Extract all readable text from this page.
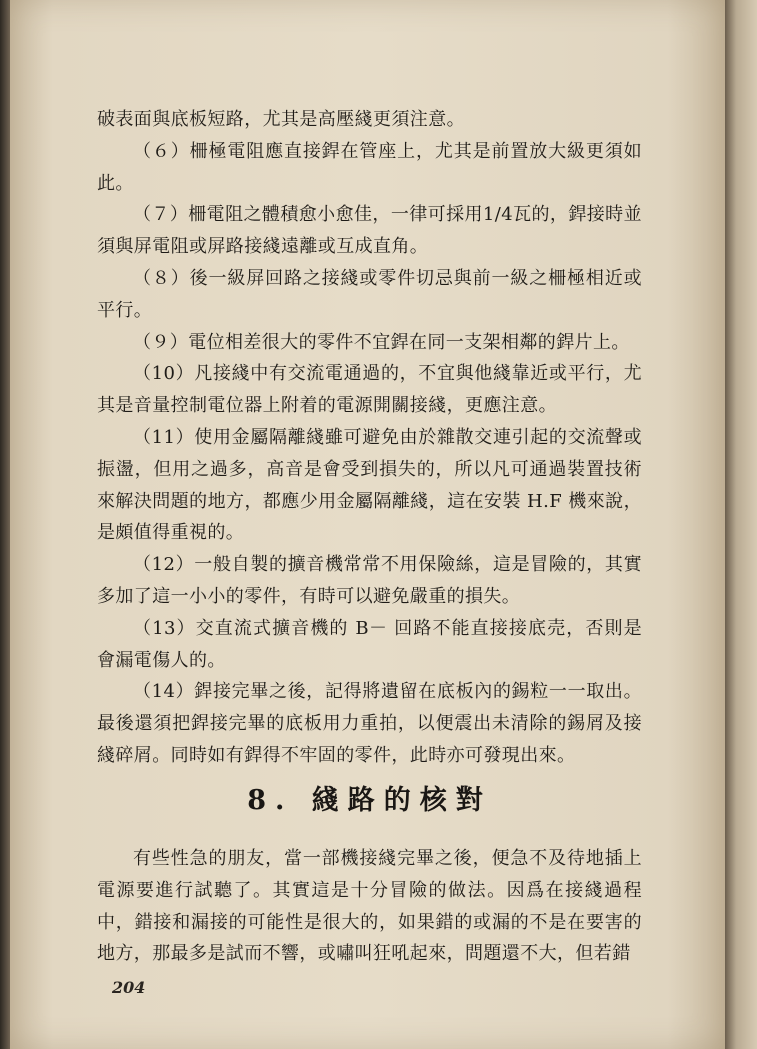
破表面與底板短路，尤其是高壓綫更須注意。

（６）柵極電阻應直接銲在管座上，尤其是前置放大級更須如此。

（７）柵電阻之體積愈小愈佳，一律可採用1/4瓦的，銲接時並須與屏電阻或屏路接綫遠離或互成直角。

（８）後一級屏回路之接綫或零件切忌與前一級之柵極相近或平行。

（９）電位相差很大的零件不宜銲在同一支架相鄰的銲片上。

（10）凡接綫中有交流電通過的，不宜與他綫靠近或平行，尤其是音量控制電位器上附着的電源開關接綫，更應注意。

（11）使用金屬隔離綫雖可避免由於雜散交連引起的交流聲或振盪，但用之過多，高音是會受到損失的，所以凡可通過裝置技術來解決問題的地方，都應少用金屬隔離綫，這在安裝 H.F 機來說，是頗值得重視的。

（12）一般自製的擴音機常常不用保險絲，這是冒險的，其實多加了這一小小的零件，有時可以避免嚴重的損失。

（13）交直流式擴音機的 B－ 回路不能直接接底売，否則是會漏電傷人的。

（14）銲接完畢之後，記得將遺留在底板內的錫粒一一取出。最後還須把銲接完畢的底板用力重拍，以便震出未清除的錫屑及接綫碎屑。同時如有銲得不牢固的零件，此時亦可發現出來。

8. 綫路的核對

有些性急的朋友，當一部機接綫完畢之後，便急不及待地插上電源要進行試聽了。其實這是十分冒險的做法。因爲在接綫過程中，錯接和漏接的可能性是很大的，如果錯的或漏的不是在要害的地方，那最多是試而不響，或嘯叫狂吼起來，問題還不大，但若錯

204
